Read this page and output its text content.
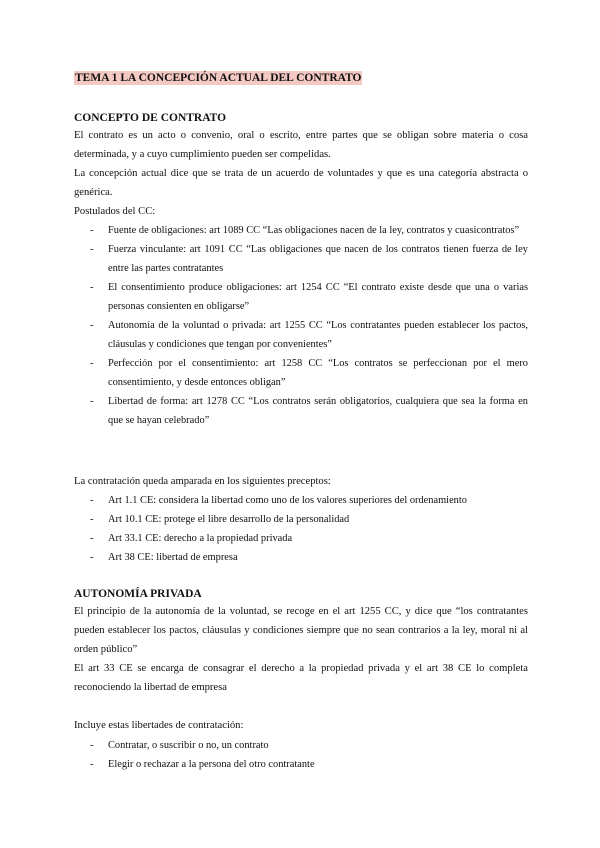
TEMA 1 LA CONCEPCIÓN ACTUAL DEL CONTRATO
CONCEPTO DE CONTRATO
El contrato es un acto o convenio, oral o escrito, entre partes que se obligan sobre materia o cosa determinada, y a cuyo cumplimiento pueden ser compelidas.
La concepción actual dice que se trata de un acuerdo de voluntades y que es una categoría abstracta o genérica.
Postulados del CC:
- Fuente de obligaciones: art 1089 CC “Las obligaciones nacen de la ley, contratos y cuasicontratos”
- Fuerza vinculante: art 1091 CC “Las obligaciones que nacen de los contratos tienen fuerza de ley entre las partes contratantes
- El consentimiento produce obligaciones: art 1254 CC “El contrato existe desde que una o varias personas consienten en obligarse”
- Autonomía de la voluntad o privada: art 1255 CC “Los contratantes pueden establecer los pactos, cláusulas y condiciones que tengan por convenientes”
- Perfección por el consentimiento: art 1258 CC “Los contratos se perfeccionan por el mero consentimiento, y desde entonces obligan”
- Libertad de forma: art 1278 CC “Los contratos serán obligatorios, cualquiera que sea la forma en que se hayan celebrado”
La contratación queda amparada en los siguientes preceptos:
- Art 1.1 CE: considera la libertad como uno de los valores superiores del ordenamiento
- Art 10.1 CE: protege el libre desarrollo de la personalidad
- Art 33.1 CE: derecho a la propiedad privada
- Art 38 CE: libertad de empresa
AUTONOMÍA PRIVADA
El principio de la autonomía de la voluntad, se recoge en el art 1255 CC, y dice que “los contratantes pueden establecer los pactos, cláusulas y condiciones siempre que no sean contrarios a la ley, moral ni al orden público”
El art 33 CE se encarga de consagrar el derecho a la propiedad privada y el art 38 CE lo completa reconociendo la libertad de empresa
Incluye estas libertades de contratación:
- Contratar, o suscribir o no, un contrato
- Elegir o rechazar a la persona del otro contratante
